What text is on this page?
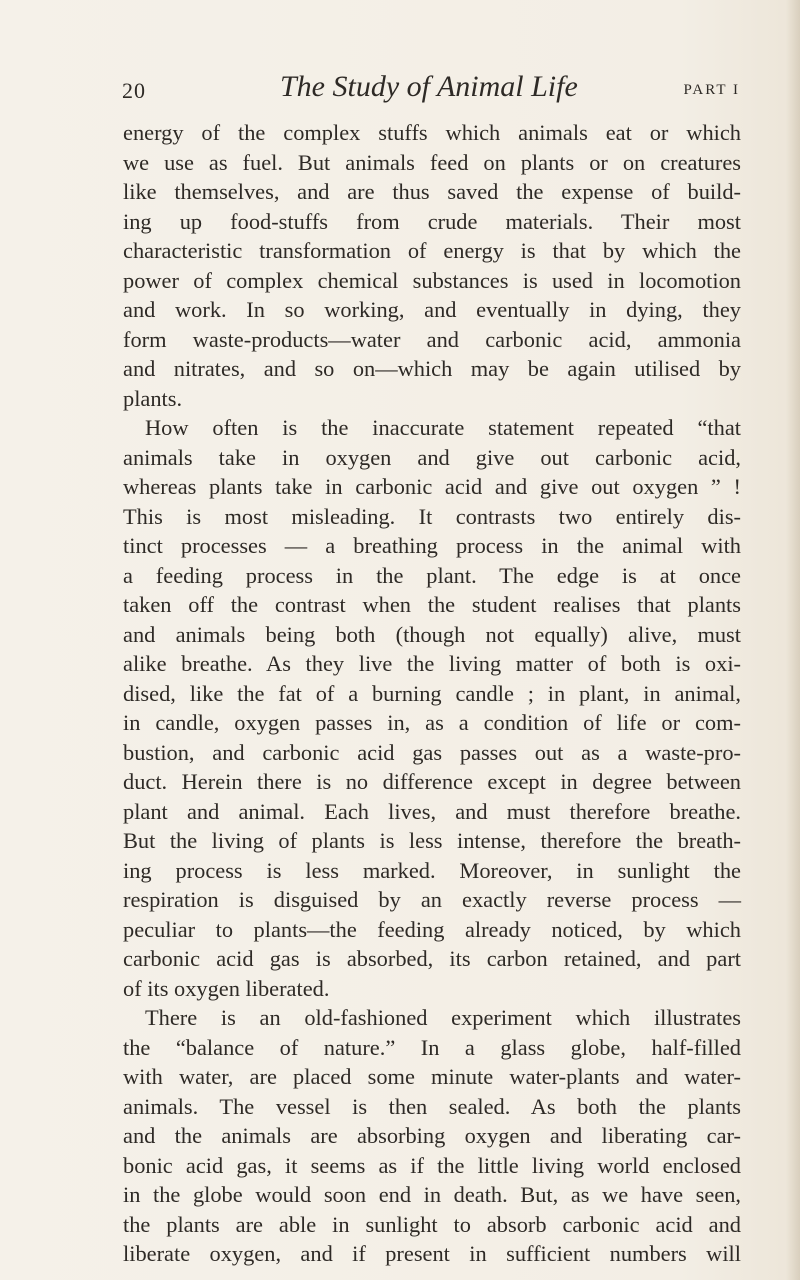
20	The Study of Animal Life	PART I
energy of the complex stuffs which animals eat or which
we use as fuel. But animals feed on plants or on creatures
like themselves, and are thus saved the expense of build-
ing up food-stuffs from crude materials. Their most
characteristic transformation of energy is that by which the
power of complex chemical substances is used in locomotion
and work. In so working, and eventually in dying, they
form waste-products—water and carbonic acid, ammonia
and nitrates, and so on—which may be again utilised by
plants.
How often is the inaccurate statement repeated “that
animals take in oxygen and give out carbonic acid,
whereas plants take in carbonic acid and give out oxygen ” !
This is most misleading. It contrasts two entirely dis-
tinct processes — a breathing process in the animal with
a feeding process in the plant. The edge is at once
taken off the contrast when the student realises that plants
and animals being both (though not equally) alive, must
alike breathe. As they live the living matter of both is oxi-
dised, like the fat of a burning candle ; in plant, in animal,
in candle, oxygen passes in, as a condition of life or com-
bustion, and carbonic acid gas passes out as a waste-pro-
duct. Herein there is no difference except in degree between
plant and animal. Each lives, and must therefore breathe.
But the living of plants is less intense, therefore the breath-
ing process is less marked. Moreover, in sunlight the
respiration is disguised by an exactly reverse process —
peculiar to plants—the feeding already noticed, by which
carbonic acid gas is absorbed, its carbon retained, and part
of its oxygen liberated.
There is an old-fashioned experiment which illustrates
the “balance of nature.” In a glass globe, half-filled
with water, are placed some minute water-plants and water-
animals. The vessel is then sealed. As both the plants
and the animals are absorbing oxygen and liberating car-
bonic acid gas, it seems as if the little living world enclosed
in the globe would soon end in death. But, as we have seen,
the plants are able in sunlight to absorb carbonic acid and
liberate oxygen, and if present in sufficient numbers will
